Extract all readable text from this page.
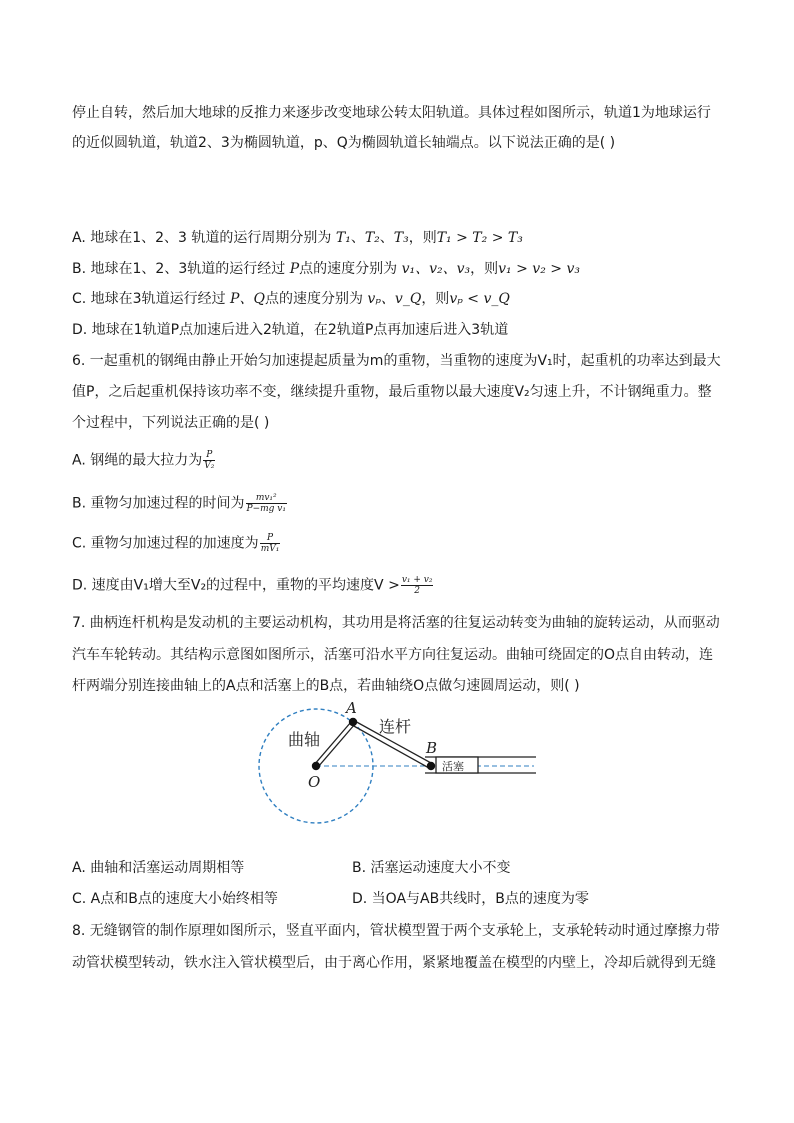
停止自转，然后加大地球的反推力来逐步改变地球公转太阳轨道。具体过程如图所示，轨道1为地球运行
的近似圆轨道，轨道2、3为椭圆轨道，p、Q为椭圆轨道长轴端点。以下说法正确的是( )
A. 地球在1、2、3 轨道的运行周期分别为 T₁、T₂、T₃，则T₁ > T₂ > T₃
B. 地球在1、2、3轨道的运行经过 P点的速度分别为 v₁、v₂、v₃，则v₁ > v₂ > v₃
C. 地球在3轨道运行经过 P、Q点的速度分别为 vₚ、v_Q，则vₚ < v_Q
D. 地球在1轨道P点加速后进入2轨道，在2轨道P点再加速后进入3轨道
6. 一起重机的钢绳由静止开始匀加速提起质量为m的重物，当重物的速度为V₁时，起重机的功率达到最大
值P，之后起重机保持该功率不变，继续提升重物，最后重物以最大速度V₂匀速上升，不计钢绳重力。整
个过程中，下列说法正确的是( )
A. 钢绳的最大拉力为 $\frac{P}{\text{V₂}}$
B. 重物匀加速过程的时间为 $\frac{\text{mv₁²}}{\text{P−mg v₁}}$
C. 重物匀加速过程的加速度为 $\frac{P}{\text{mV₁}}$
D. 速度由V₁增大至V₂的过程中，重物的平均速度$V > \frac{\text{v₁ + v₂}}{2}$
7. 曲柄连杆机构是发动机的主要运动机构，其功用是将活塞的往复运动转变为曲轴的旋转运动，从而驱动
汽车车轮转动。其结构示意图如图所示，活塞可沿水平方向往复运动。曲轴可绕固定的O点自由转动，连
杆两端分别连接曲轴上的A点和活塞上的B点，若曲轴绕O点做匀速圆周运动，则( )
曲轴
连杆
活塞
A
B
O
A. 曲轴和活塞运动周期相等	B. 活塞运动速度大小不变
C. A点和B点的速度大小始终相等	D. 当OA与AB共线时，B点的速度为零
8. 无缝钢管的制作原理如图所示，竖直平面内，管状模型置于两个支承轮上，支承轮转动时通过摩擦力带
动管状模型转动，铁水注入管状模型后，由于离心作用，紧紧地覆盖在模型的内壁上，冷却后就得到无缝
